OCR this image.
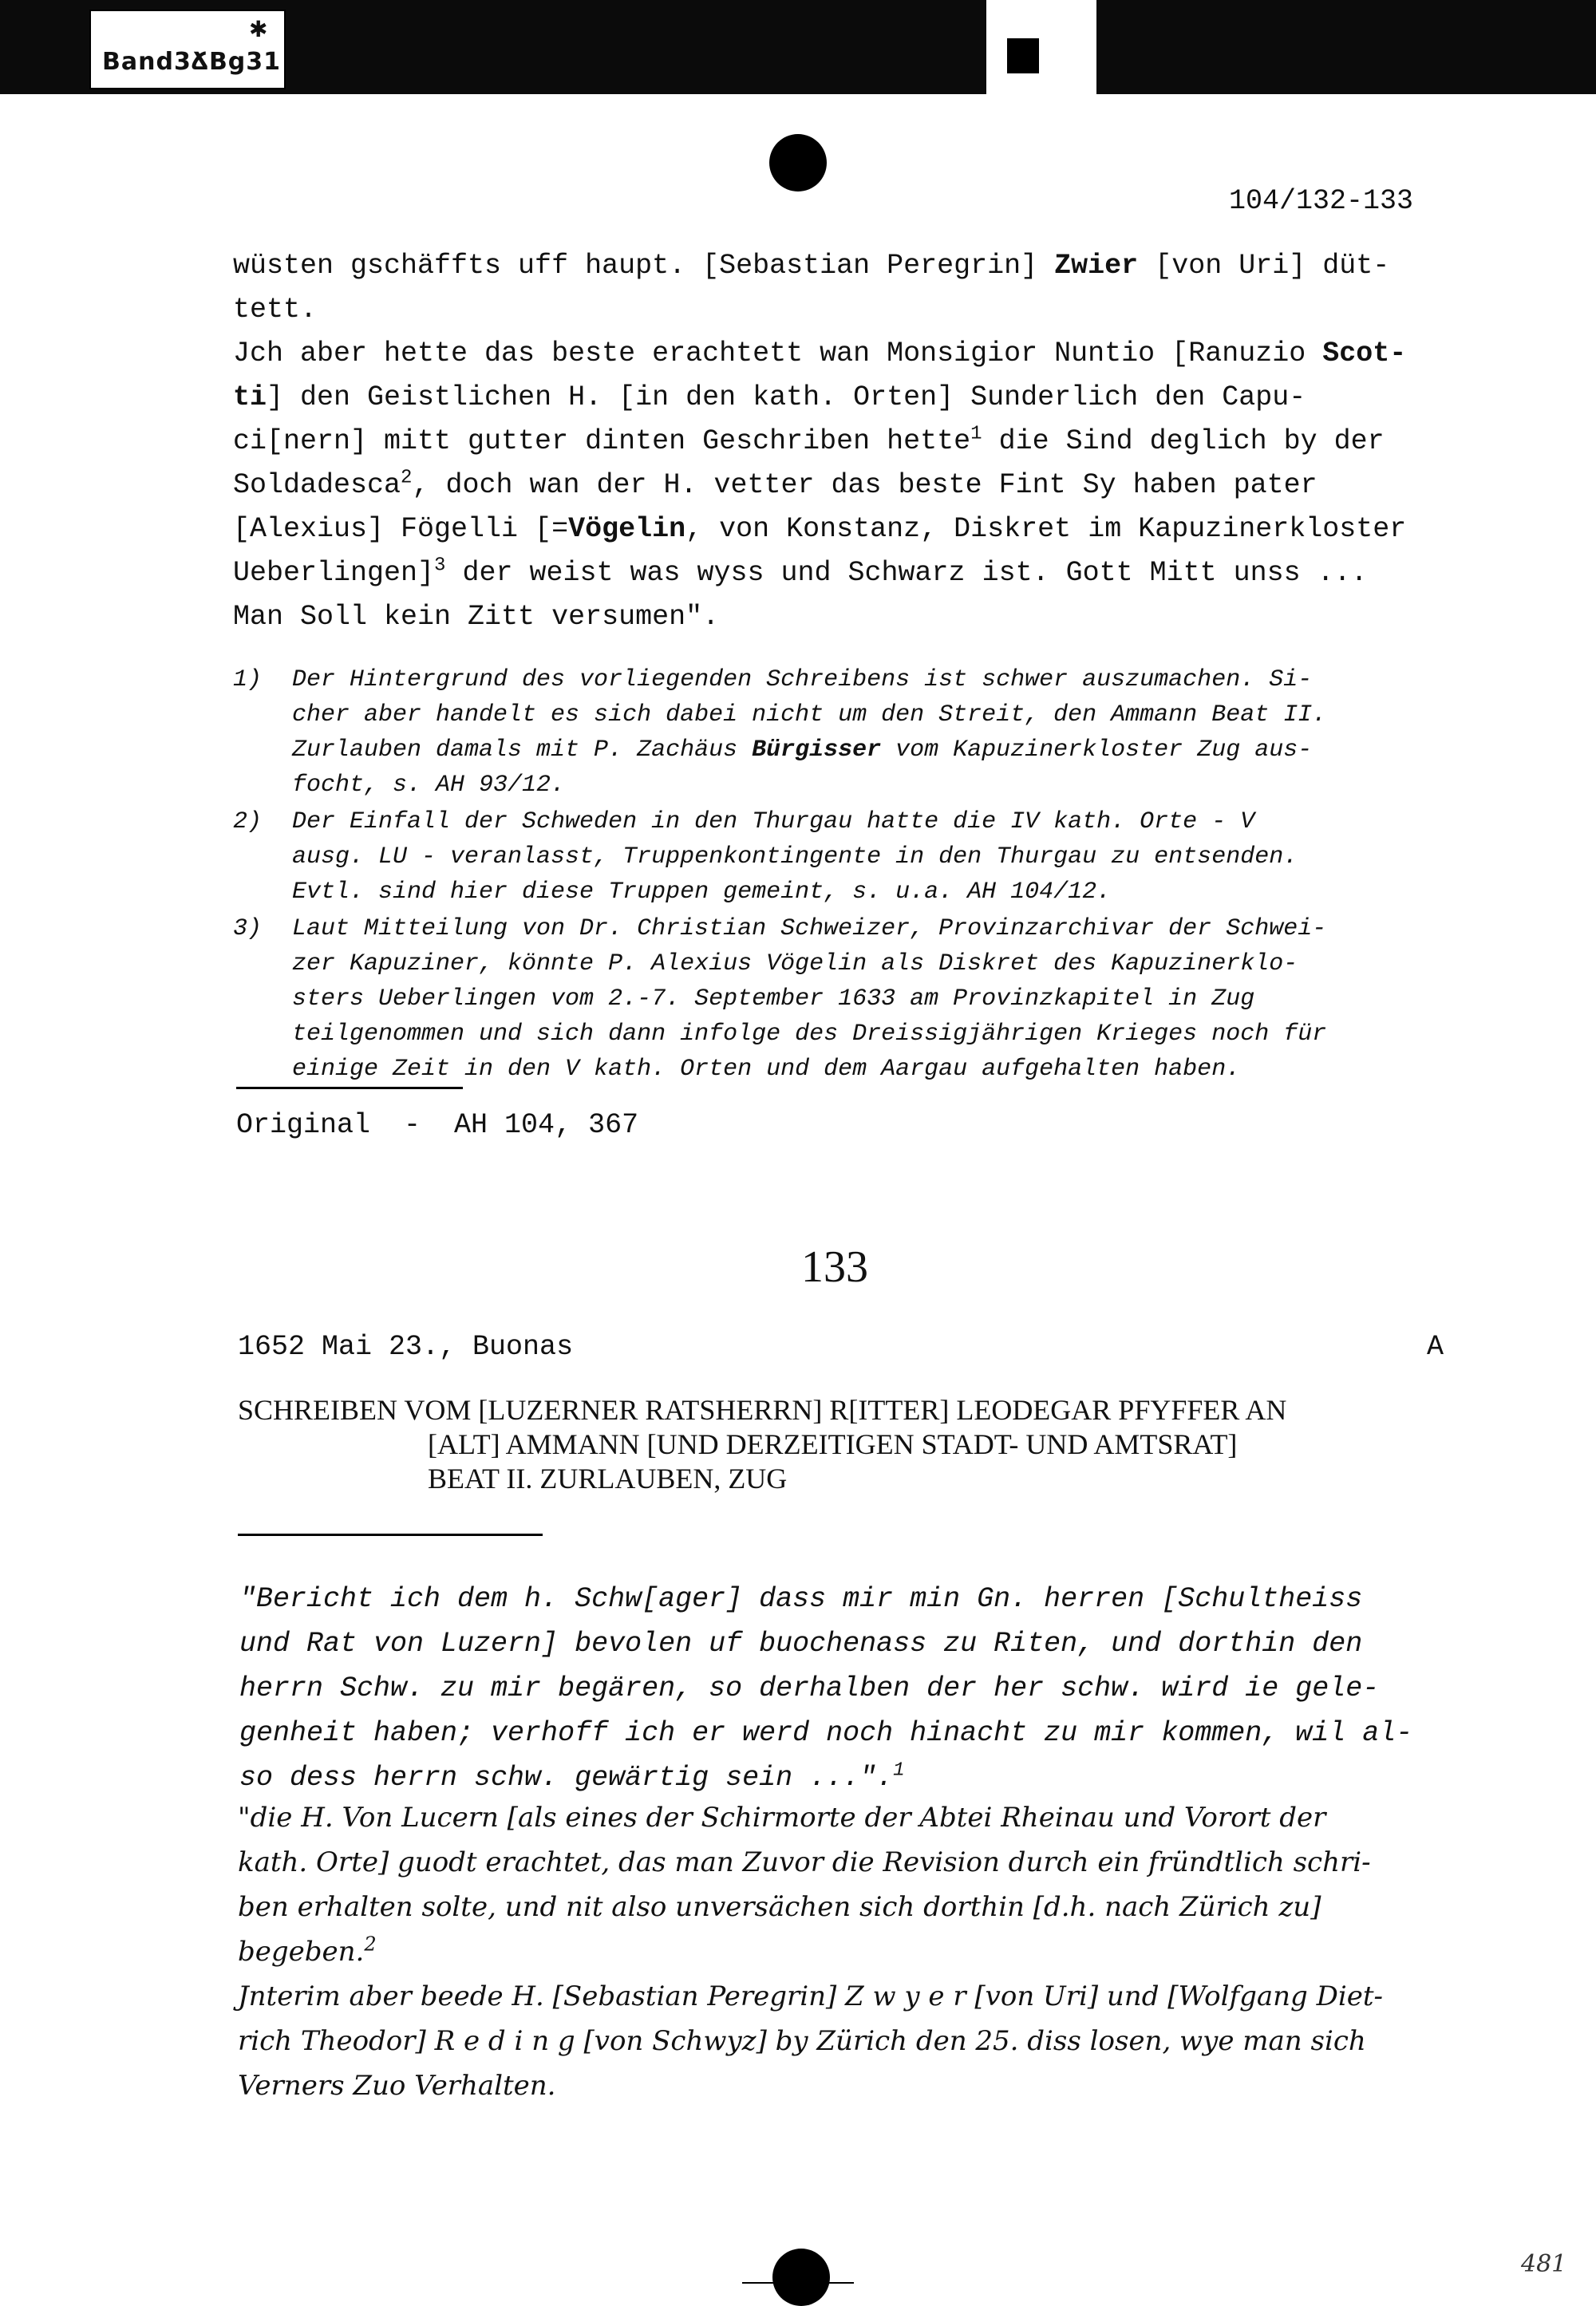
✱
Band3ՃBg31
104/132-133
wüsten gschäffts uff haupt. [Sebastian Peregrin] Zwier [von Uri] düt-
tett.
Jch aber hette das beste erachtett wan Monsigior Nuntio [Ranuzio Scot-
ti] den Geistlichen H. [in den kath. Orten] Sunderlich den Capu-
ci[nern] mitt gutter dinten Geschriben hette$^1$ die Sind deglich by der
Soldadesca$^2$, doch wan der H. vetter das beste Fint Sy haben pater
[Alexius] Fögelli [=Vögelin, von Konstanz, Diskret im Kapuzinerkloster
Ueberlingen]$^3$ der weist was wyss und Schwarz ist. Gott Mitt unss ...
Man Soll kein Zitt versumen".
1)	Der Hintergrund des vorliegenden Schreibens ist schwer auszumachen. Si-
cher aber handelt es sich dabei nicht um den Streit, den Ammann Beat II.
Zurlauben damals mit P. Zachäus Bürgisser vom Kapuzinerkloster Zug aus-
focht, s. AH 93/12.
2)	Der Einfall der Schweden in den Thurgau hatte die IV kath. Orte - V
ausg. LU - veranlasst, Truppenkontingente in den Thurgau zu entsenden.
Evtl. sind hier diese Truppen gemeint, s. u.a. AH 104/12.
3)	Laut Mitteilung von Dr. Christian Schweizer, Provinzarchivar der Schwei-
zer Kapuziner, könnte P. Alexius Vögelin als Diskret des Kapuzinerklo-
sters Ueberlingen vom 2.-7. September 1633 am Provinzkapitel in Zug
teilgenommen und sich dann infolge des Dreissigjährigen Krieges noch für
einige Zeit in den V kath. Orten und dem Aargau aufgehalten haben.
Original  -  AH 104, 367
133
1652 Mai 23., Buonas	A
SCHREIBEN VOM [LUZERNER RATSHERRN] R[ITTER] LEODEGAR PFYFFER AN
[ALT] AMMANN [UND DERZEITIGEN STADT- UND AMTSRAT]
BEAT II. ZURLAUBEN, ZUG
"Bericht ich dem h. Schw[ager] dass mir min Gn. herren [Schultheiss
und Rat von Luzern] bevolen uf buochenass zu Riten, und dorthin den
herrn Schw. zu mir begären, so derhalben der her schw. wird ie gele-
genheit haben; verhoff ich er werd noch hinacht zu mir kommen, wil al-
so dess herrn schw. gewärtig sein ...".$^1$
"die H. Von Lucern [als eines der Schirmorte der Abtei Rheinau und Vorort der
kath. Orte] guodt erachtet, das man Zuvor die Revision durch ein fründtlich schri-
ben erhalten solte, und nit also unversächen sich dorthin [d.h. nach Zürich zu]
begeben.$^2$
Jnterim aber beede H. [Sebastian Peregrin] Z w y e r [von Uri] und [Wolfgang Diet-
rich Theodor] R e d i n g [von Schwyz] by Zürich den 25. diss losen, wye man sich
Verners Zuo Verhalten.
481
